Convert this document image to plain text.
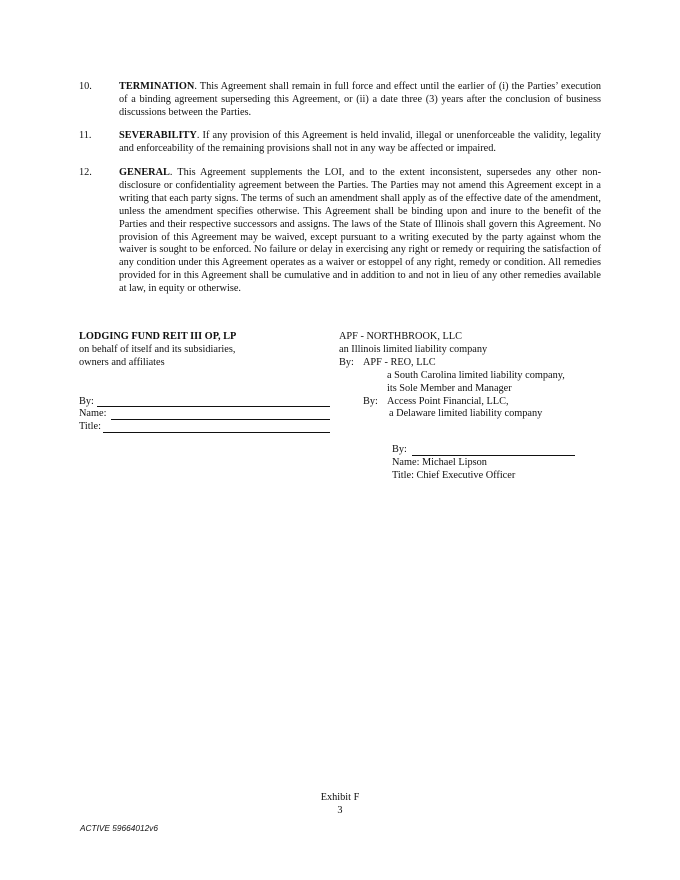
10.	TERMINATION. This Agreement shall remain in full force and effect until the earlier of (i) the Parties’ execution of a binding agreement superseding this Agreement, or (ii) a date three (3) years after the conclusion of business discussions between the Parties.
11.	SEVERABILITY. If any provision of this Agreement is held invalid, illegal or unenforceable the validity, legality and enforceability of the remaining provisions shall not in any way be affected or impaired.
12.	GENERAL. This Agreement supplements the LOI, and to the extent inconsistent, supersedes any other non-disclosure or confidentiality agreement between the Parties. The Parties may not amend this Agreement except in a writing that each party signs. The terms of such an amendment shall apply as of the effective date of the amendment, unless the amendment specifies otherwise. This Agreement shall be binding upon and inure to the benefit of the Parties and their respective successors and assigns. The laws of the State of Illinois shall govern this Agreement. No provision of this Agreement may be waived, except pursuant to a writing executed by the party against whom the waiver is sought to be enforced. No failure or delay in exercising any right or remedy or requiring the satisfaction of any condition under this Agreement operates as a waiver or estoppel of any right, remedy or condition. All remedies provided for in this Agreement shall be cumulative and in addition to and not in lieu of any other remedies available at law, in equity or otherwise.
LODGING FUND REIT III OP, LP
on behalf of itself and its subsidiaries,
owners and affiliates
By:
Name:
Title:
APF - NORTHBROOK, LLC
an Illinois limited liability company
By: APF - REO, LLC
a South Carolina limited liability company,
its Sole Member and Manager
By: Access Point Financial, LLC,
a Delaware limited liability company
By:
Name: Michael Lipson
Title: Chief Executive Officer
Exhibit F
3
ACTIVE 59664012v6
